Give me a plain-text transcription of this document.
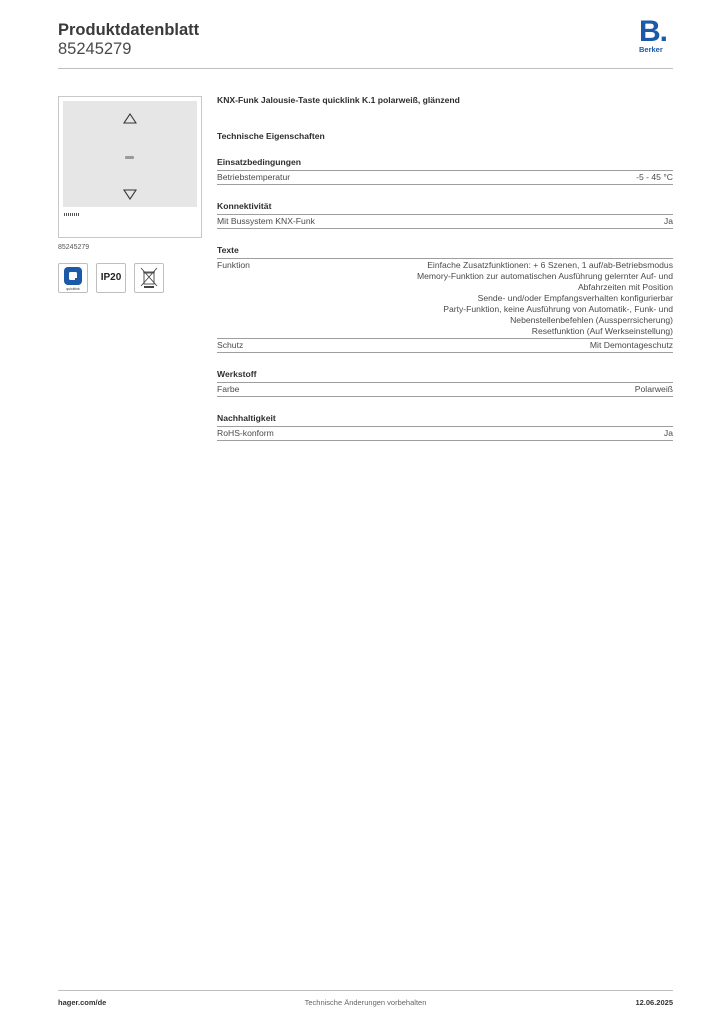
Produktdatenblatt
85245279
B.
Berker
85245279
quicklink
IP20
KNX-Funk Jalousie-Taste quicklink K.1 polarweiß, glänzend
Technische Eigenschaften
Einsatzbedingungen
Betriebstemperatur	-5 - 45 °C
Konnektivität
Mit Bussystem KNX-Funk	Ja
Texte
Funktion	Einfache Zusatzfunktionen: + 6 Szenen, 1 auf/ab-Betriebsmodus
Memory-Funktion zur automatischen Ausführung gelernter Auf- und
Abfahrzeiten mit Position
Sende- und/oder Empfangsverhalten konfigurierbar
Party-Funktion, keine Ausführung von Automatik-, Funk- und
Nebenstellenbefehlen (Aussperrsicherung)
Resetfunktion (Auf Werkseinstellung)
Schutz	Mit Demontageschutz
Werkstoff
Farbe	Polarweiß
Nachhaltigkeit
RoHS-konform	Ja
Technische Änderungen vorbehalten
hager.com/de	12.06.2025
